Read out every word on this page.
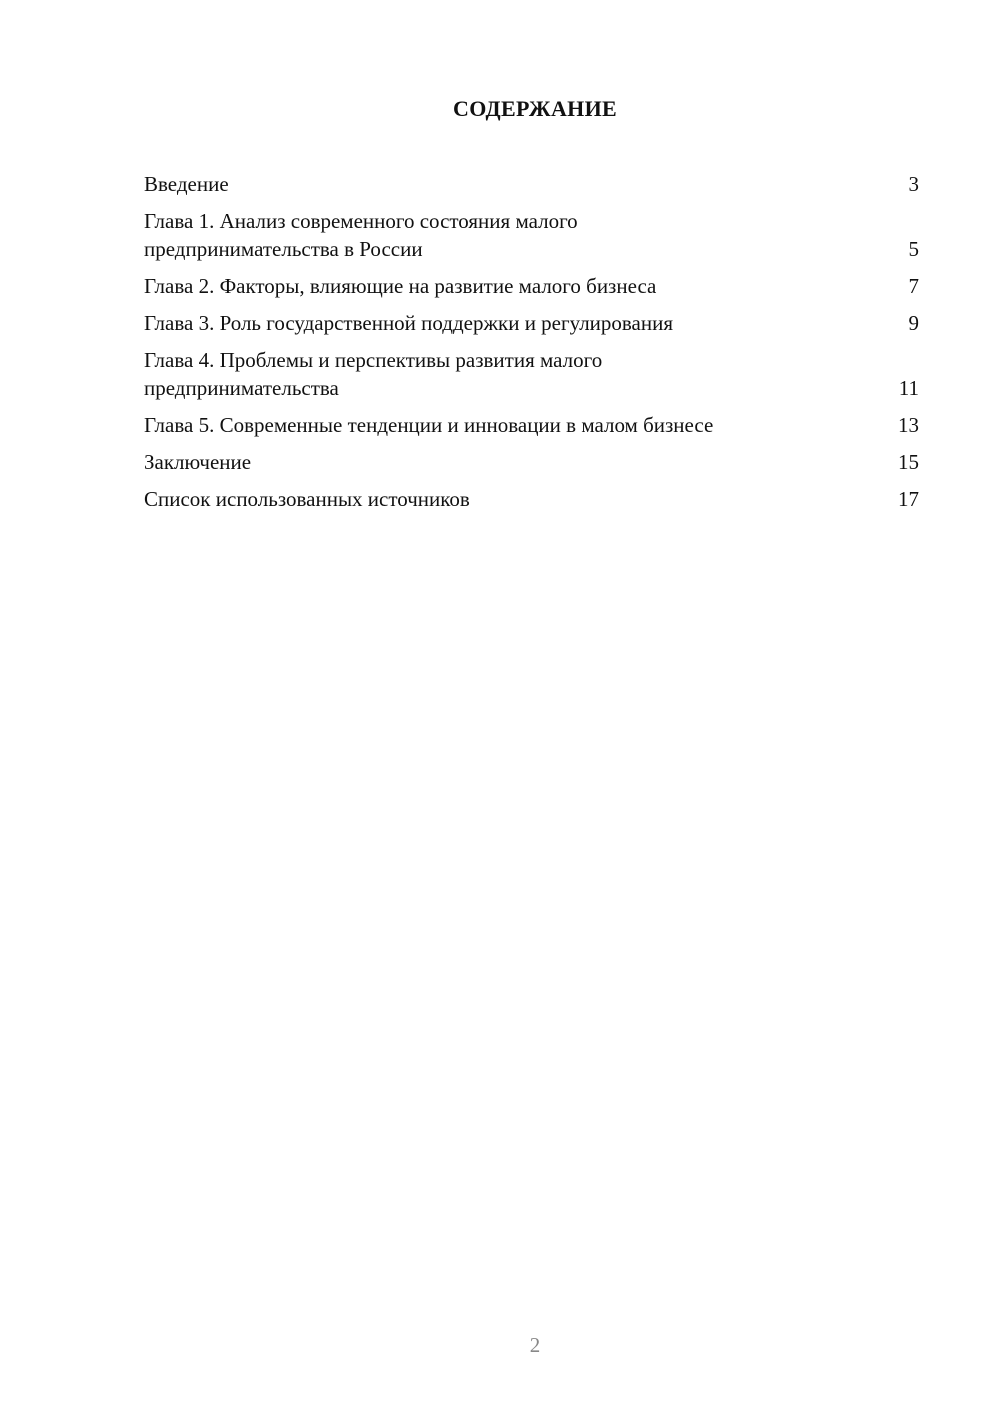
СОДЕРЖАНИЕ
Введение	3
Глава 1. Анализ современного состояния малого предпринимательства в России	5
Глава 2. Факторы, влияющие на развитие малого бизнеса	7
Глава 3. Роль государственной поддержки и регулирования	9
Глава 4. Проблемы и перспективы развития малого предпринимательства	11
Глава 5. Современные тенденции и инновации в малом бизнесе	13
Заключение	15
Список использованных источников	17
2
